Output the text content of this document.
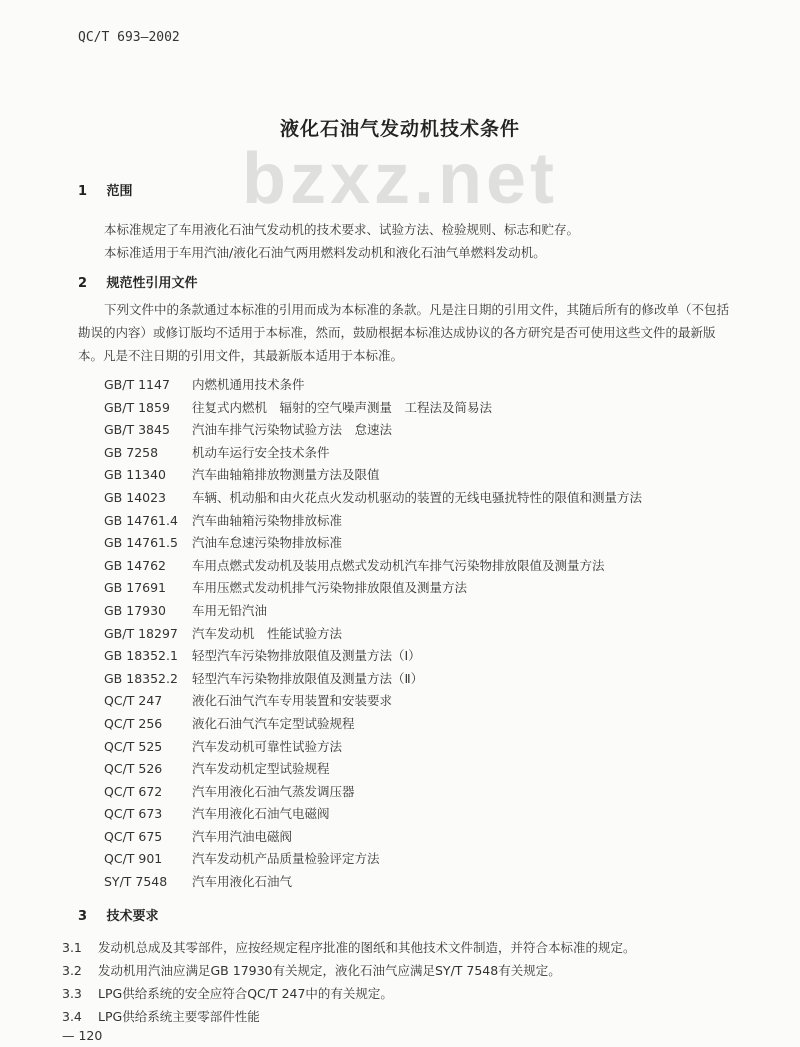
QC/T 693—2002
bzxz.net
液化石油气发动机技术条件
1 范围
本标准规定了车用液化石油气发动机的技术要求、试验方法、检验规则、标志和贮存。
本标准适用于车用汽油/液化石油气两用燃料发动机和液化石油气单燃料发动机。
2 规范性引用文件
下列文件中的条款通过本标准的引用而成为本标准的条款。凡是注日期的引用文件，其随后所有的修改单（不包括勘误的内容）或修订版均不适用于本标准，然而，鼓励根据本标准达成协议的各方研究是否可使用这些文件的最新版本。凡是不注日期的引用文件，其最新版本适用于本标准。
GB/T 1147 内燃机通用技术条件
GB/T 1859 往复式内燃机　辐射的空气噪声测量　工程法及简易法
GB/T 3845 汽油车排气污染物试验方法　怠速法
GB 7258	机动车运行安全技术条件
GB 11340 汽车曲轴箱排放物测量方法及限值
GB 14023 车辆、机动船和由火花点火发动机驱动的装置的无线电骚扰特性的限值和测量方法
GB 14761.4 汽车曲轴箱污染物排放标准
GB 14761.5 汽油车怠速污染物排放标准
GB 14762 车用点燃式发动机及装用点燃式发动机汽车排气污染物排放限值及测量方法
GB 17691 车用压燃式发动机排气污染物排放限值及测量方法
GB 17930 车用无铅汽油
GB/T 18297 汽车发动机　性能试验方法
GB 18352.1 轻型汽车污染物排放限值及测量方法（Ⅰ）
GB 18352.2 轻型汽车污染物排放限值及测量方法（Ⅱ）
QC/T 247 液化石油气汽车专用装置和安装要求
QC/T 256 液化石油气汽车定型试验规程
QC/T 525 汽车发动机可靠性试验方法
QC/T 526 汽车发动机定型试验规程
QC/T 672 汽车用液化石油气蒸发调压器
QC/T 673 汽车用液化石油气电磁阀
QC/T 675 汽车用汽油电磁阀
QC/T 901 汽车发动机产品质量检验评定方法
SY/T 7548 汽车用液化石油气
3 技术要求
3.1 发动机总成及其零部件，应按经规定程序批准的图纸和其他技术文件制造，并符合本标准的规定。
3.2 发动机用汽油应满足GB 17930有关规定，液化石油气应满足SY/T 7548有关规定。
3.3 LPG供给系统的安全应符合QC/T 247中的有关规定。
3.4 LPG供给系统主要零部件性能
— 120
